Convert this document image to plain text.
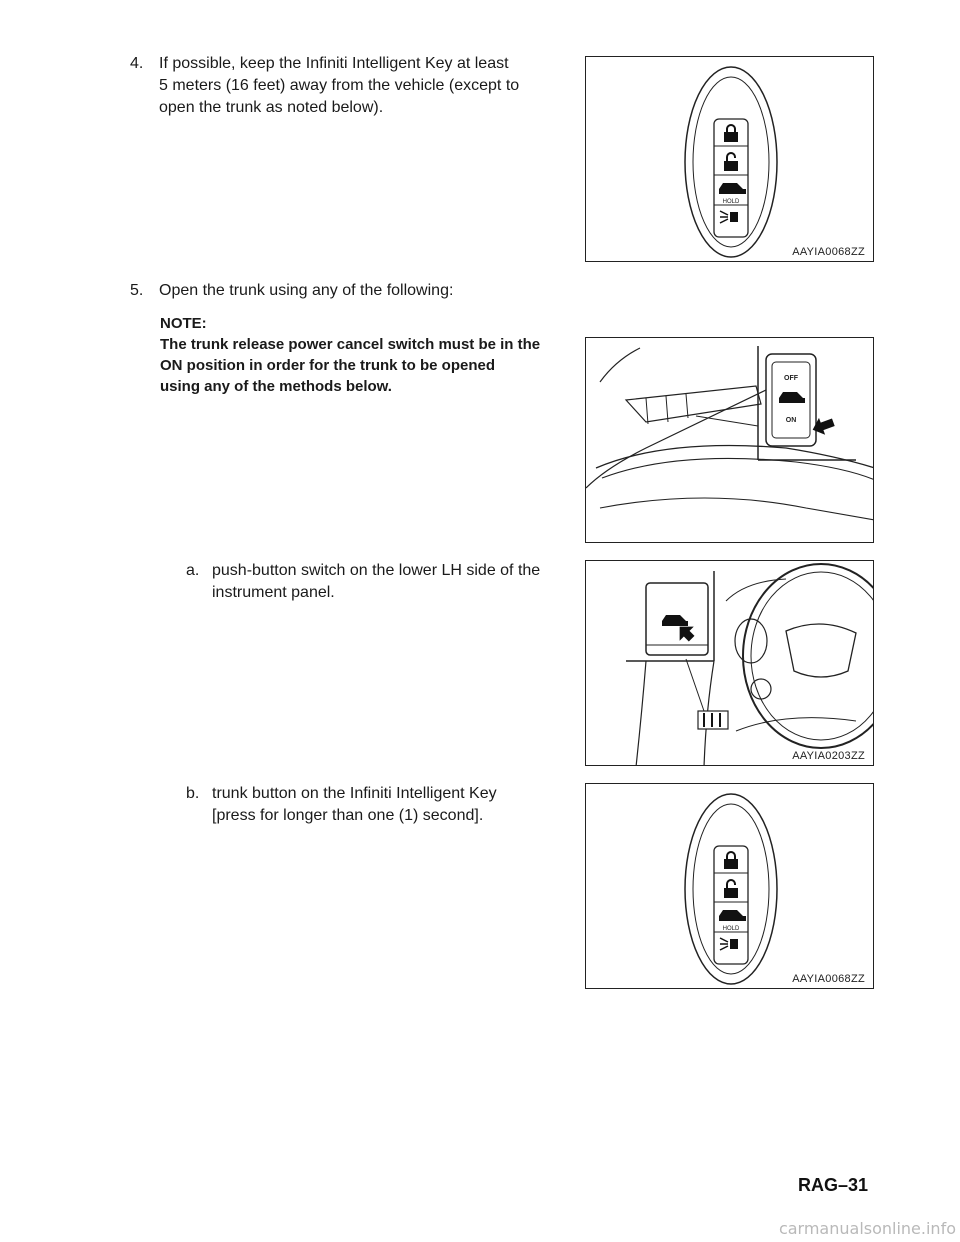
4. If possible, keep the Infiniti Intelligent Key at least
5 meters (16 feet) away from the vehicle (except to
open the trunk as noted below).
HOLD
AAYIA0068ZZ
5. Open the trunk using any of the following:
NOTE:
The trunk release power cancel switch must be in the
ON position in order for the trunk to be opened
using any of the methods below.	OFF
ON
a. push-button switch on the lower LH side of the
instrument panel.
AAYIA0203ZZ
b. trunk button on the Infiniti Intelligent Key
[press for longer than one (1) second].
HOLD
AAYIA0068ZZ
RAG–31
carmanualsonline.info
